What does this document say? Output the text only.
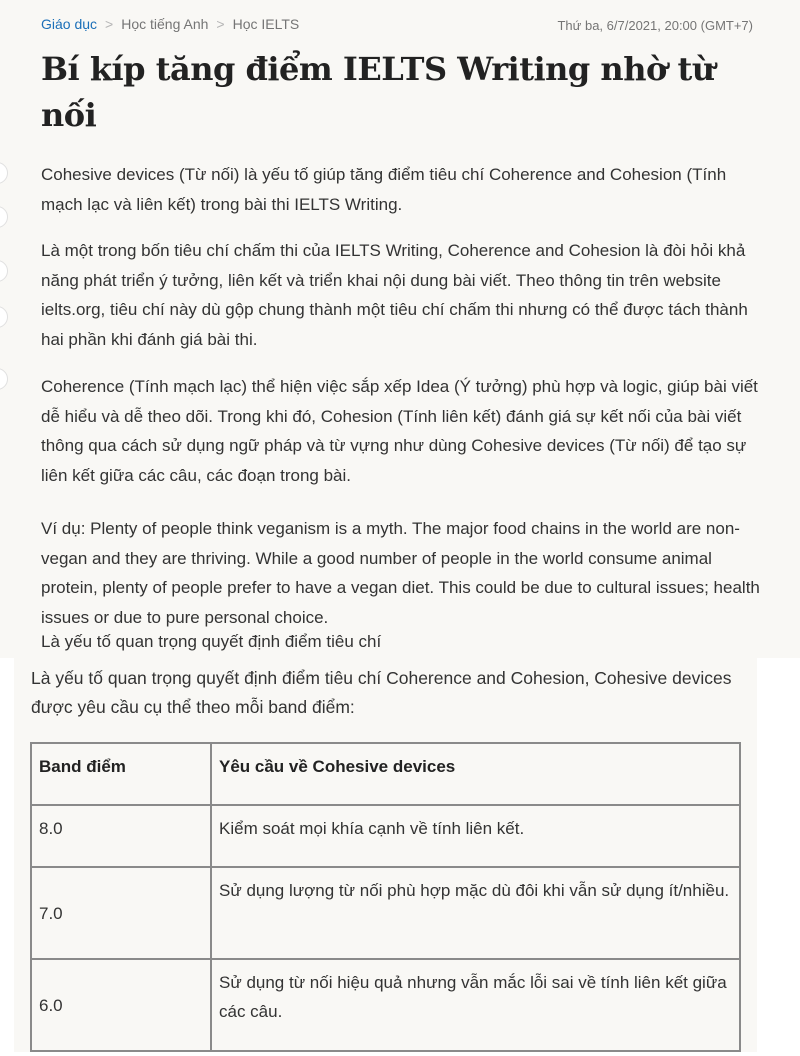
Giáo dục > Học tiếng Anh > Học IELTS	Thứ ba, 6/7/2021, 20:00 (GMT+7)
Bí kíp tăng điểm IELTS Writing nhờ từ nối

Cohesive devices (Từ nối) là yếu tố giúp tăng điểm tiêu chí Coherence and Cohesion (Tính mạch lạc và liên kết) trong bài thi IELTS Writing.

Là một trong bốn tiêu chí chấm thi của IELTS Writing, Coherence and Cohesion là đòi hỏi khả năng phát triển ý tưởng, liên kết và triển khai nội dung bài viết. Theo thông tin trên website ielts.org, tiêu chí này dù gộp chung thành một tiêu chí chấm thi nhưng có thể được tách thành hai phần khi đánh giá bài thi.

Coherence (Tính mạch lạc) thể hiện việc sắp xếp Idea (Ý tưởng) phù hợp và logic, giúp bài viết dễ hiểu và dễ theo dõi. Trong khi đó, Cohesion (Tính liên kết) đánh giá sự kết nối của bài viết thông qua cách sử dụng ngữ pháp và từ vựng như dùng Cohesive devices (Từ nối) để tạo sự liên kết giữa các câu, các đoạn trong bài.

Ví dụ: Plenty of people think veganism is a myth. The major food chains in the world are non-vegan and they are thriving. While a good number of people in the world consume animal protein, plenty of people prefer to have a vegan diet. This could be due to cultural issues; health issues or due to pure personal choice.

Là yếu tố quan trọng quyết định điểm tiêu chí

Là yếu tố quan trọng quyết định điểm tiêu chí Coherence and Cohesion, Cohesive devices được yêu cầu cụ thể theo mỗi band điểm:

Band điểm	Yêu cầu về Cohesive devices
8.0	Kiểm soát mọi khía cạnh về tính liên kết.
7.0	Sử dụng lượng từ nối phù hợp mặc dù đôi khi vẫn sử dụng ít/nhiều.
6.0	Sử dụng từ nối hiệu quả nhưng vẫn mắc lỗi sai về tính liên kết giữa các câu.
